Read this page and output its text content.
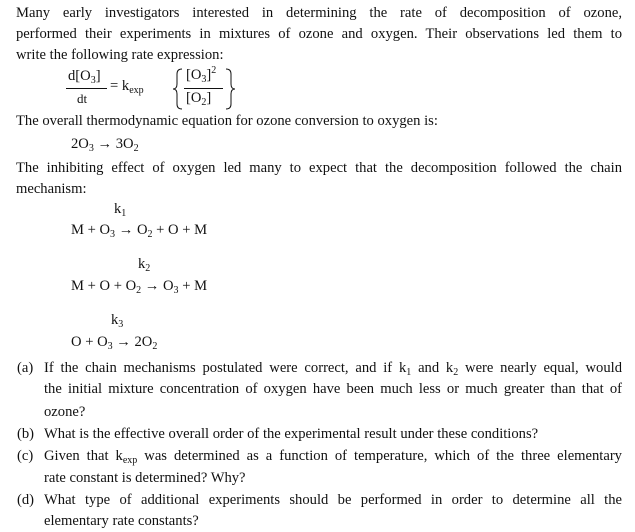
Many early investigators interested in determining the rate of decomposition of ozone,
performed their experiments in mixtures of ozone and oxygen. Their observations led them to
write the following rate expression:
$d[O_3]$
dt
= $k_{exp}$
$[O_3]^2$
$[O_2]$
The overall thermodynamic equation for ozone conversion to oxygen is:
$2O_3 \to 3O_2$
The inhibiting effect of oxygen led many to expect that the decomposition followed the chain
mechanism:
$k_1$
$M + O_3 \to O_2 + O + M$
$k_2$
$M + O + O_2 \to O_3 + M$
$k_3$
$O + O_3 \to 2O_2$
(a) If the chain mechanisms postulated were correct, and if $k_1$ and $k_2$ were nearly equal, would
the initial mixture concentration of oxygen have been much less or much greater than that of
ozone?
(b) What is the effective overall order of the experimental result under these conditions?
(c) Given that $k_{exp}$ was determined as a function of temperature, which of the three elementary
rate constant is determined? Why?
(d) What type of additional experiments should be performed in order to determine all the
elementary rate constants?
